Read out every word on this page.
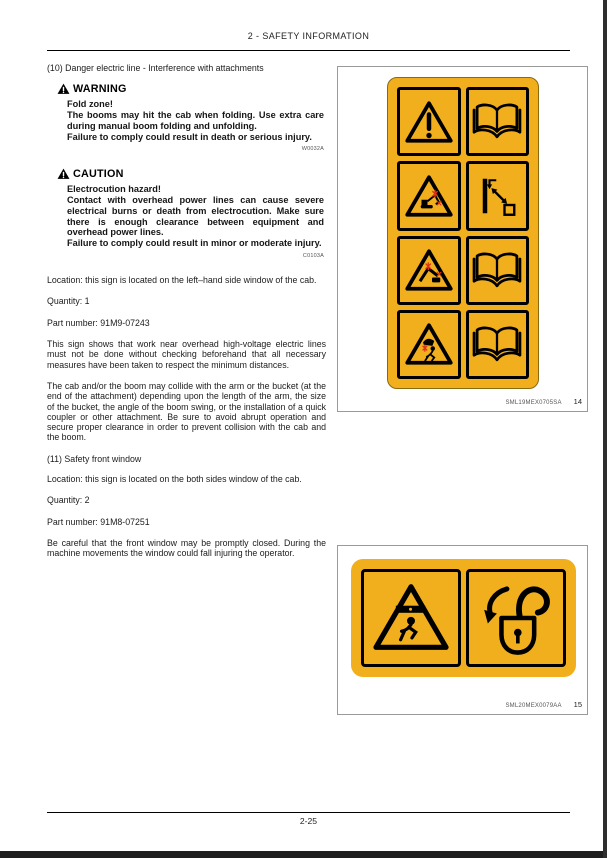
2 - SAFETY INFORMATION

(10) Danger electric line - Interference with attachments

WARNING

Fold zone!

The booms may hit the cab when folding. Use extra care during manual boom folding and unfolding.

Failure to comply could result in death or serious injury.

W0032A
CAUTION

Electrocution hazard!

Contact with overhead power lines can cause severe electrical burns or death from electrocution. Make sure there is enough clearance between equipment and overhead power lines.

Failure to comply could result in minor or moderate injury.

C0103A

Location: this sign is located on the left–hand side window of the cab.

Quantity: 1

Part number: 91M9-07243

This sign shows that work near overhead high-voltage electric lines must not be done without checking beforehand that all necessary measures have been taken to respect the minimum distances.

The cab and/or the boom may collide with the arm or the bucket (at the end of the attachment) depending upon the length of the arm, the size of the bucket, the angle of the boom swing, or the installation of a quick coupler or other attachment. Be sure to avoid abrupt operation and secure proper clearance in order to prevent collision with the cab and the boom.

(11) Safety front window

Location: this sign is located on the both sides window of the cab.

Quantity: 2

Part number: 91M8-07251

Be careful that the front window may be promptly closed. During the machine movements the window could fall injuring the operator.

SML19MEX0705SA 14
SML20MEX0079AA 15
2-25
